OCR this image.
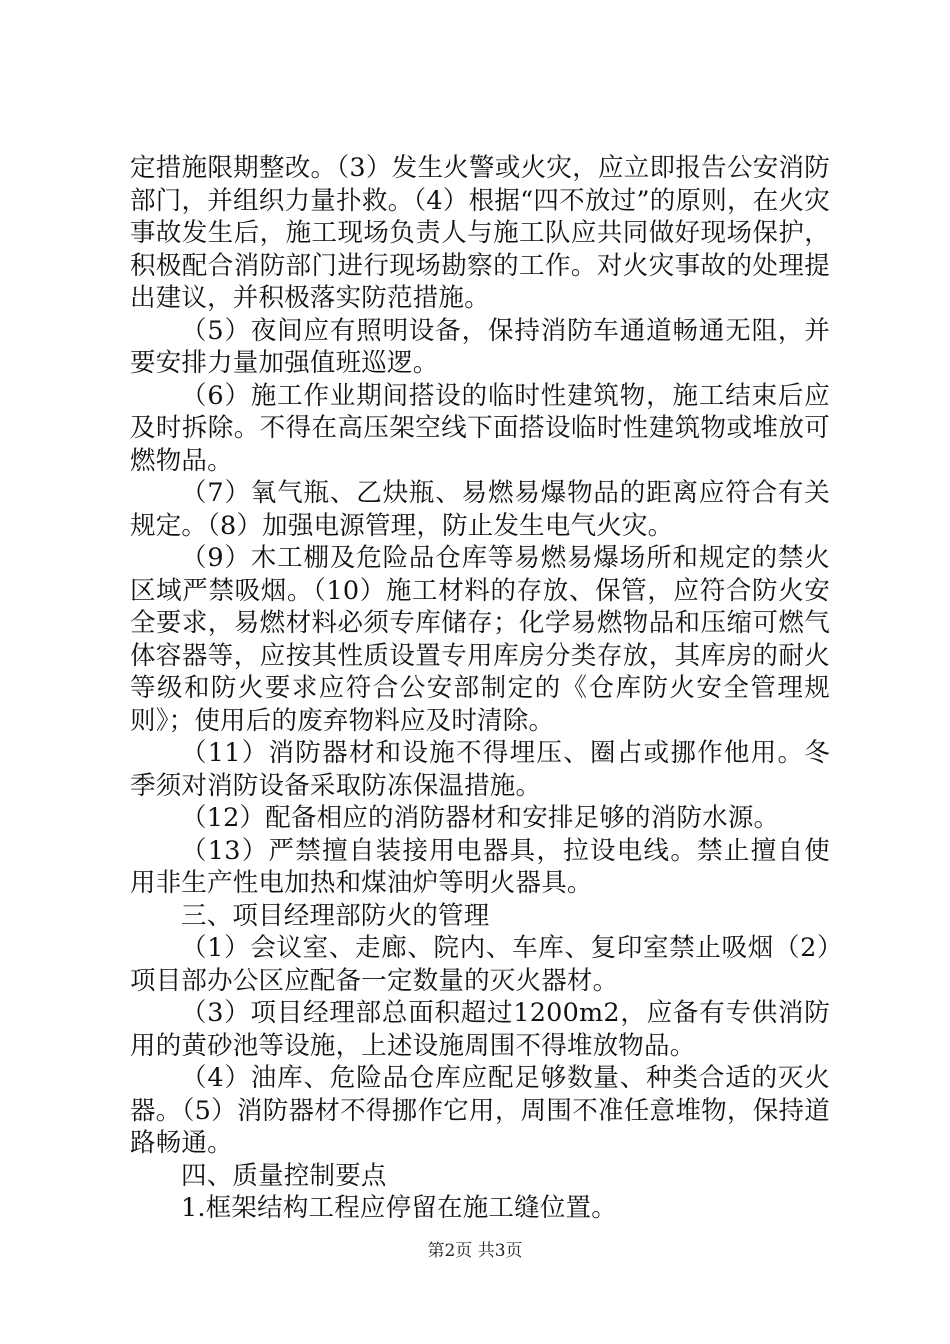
定措施限期整改。（3）发生火警或火灾，应立即报告公安消防部门，并组织力量扑救。（4）根据“四不放过”的原则，在火灾事故发生后，施工现场负责人与施工队应共同做好现场保护，积极配合消防部门进行现场勘察的工作。对火灾事故的处理提出建议，并积极落实防范措施。

（5）夜间应有照明设备，保持消防车通道畅通无阻，并要安排力量加强值班巡逻。

（6）施工作业期间搭设的临时性建筑物，施工结束后应及时拆除。不得在高压架空线下面搭设临时性建筑物或堆放可燃物品。

（7）氧气瓶、乙炔瓶、易燃易爆物品的距离应符合有关规定。（8）加强电源管理，防止发生电气火灾。

（9）木工棚及危险品仓库等易燃易爆场所和规定的禁火区域严禁吸烟。（10）施工材料的存放、保管，应符合防火安全要求，易燃材料必须专库储存；化学易燃物品和压缩可燃气体容器等，应按其性质设置专用库房分类存放，其库房的耐火等级和防火要求应符合公安部制定的《仓库防火安全管理规则》；使用后的废弃物料应及时清除。

（11）消防器材和设施不得埋压、圈占或挪作他用。冬季须对消防设备采取防冻保温措施。

（12）配备相应的消防器材和安排足够的消防水源。

（13）严禁擅自装接用电器具，拉设电线。禁止擅自使用非生产性电加热和煤油炉等明火器具。

三、项目经理部防火的管理

（1）会议室、走廊、院内、车库、复印室禁止吸烟（2）项目部办公区应配备一定数量的灭火器材。

（3）项目经理部总面积超过1200m2，应备有专供消防用的黄砂池等设施，上述设施周围不得堆放物品。

（4）油库、危险品仓库应配足够数量、种类合适的灭火器。（5）消防器材不得挪作它用，周围不准任意堆物，保持道路畅通。

四、质量控制要点

1.框架结构工程应停留在施工缝位置。

第2页 共3页
